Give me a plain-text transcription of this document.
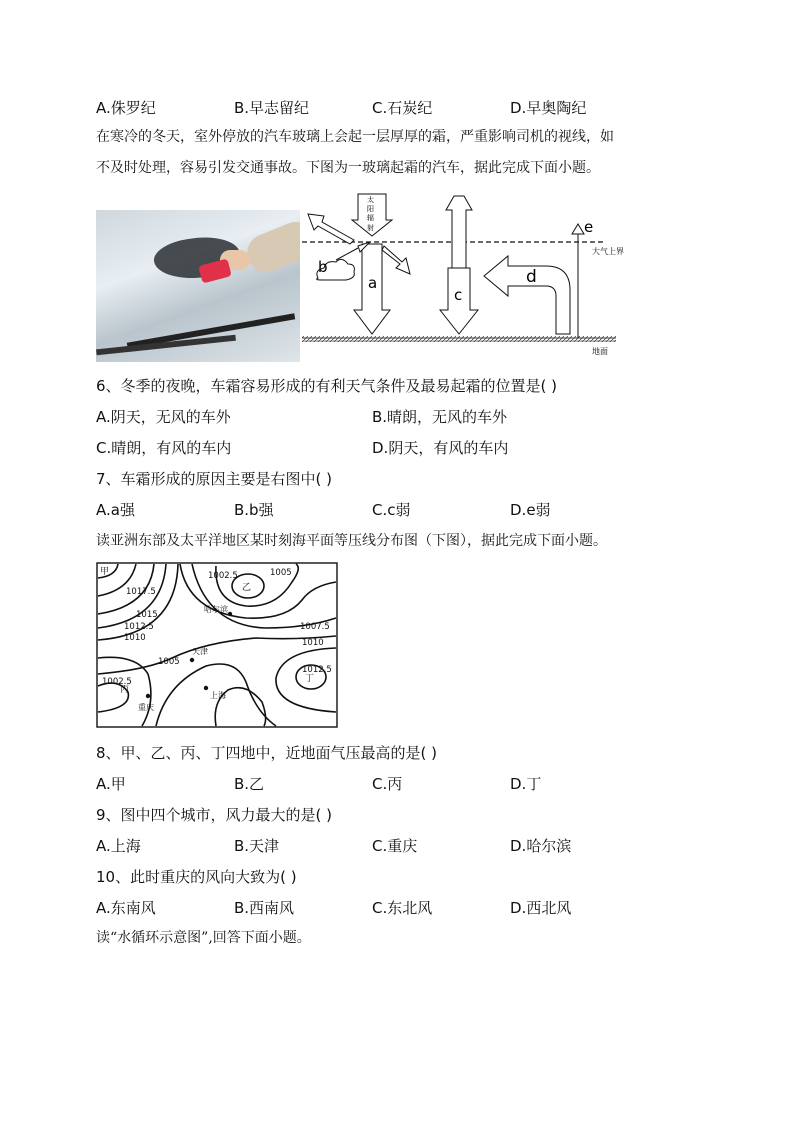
A.侏罗纪	B.早志留纪	C.石炭纪	D.早奥陶纪
在寒冷的冬天，室外停放的汽车玻璃上会起一层厚厚的霜，严重影响司机的视线，如
不及时处理，容易引发交通事故。下图为一玻璃起霜的汽车，据此完成下面小题。
大气上界
地面
太
阳
辐
射
a
b
c
d
e
6、冬季的夜晚，车霜容易形成的有利天气条件及最易起霜的位置是( )
A.阴天，无风的车外	B.晴朗，无风的车外
C.晴朗，有风的车内	D.阴天，有风的车内
7、车霜形成的原因主要是右图中( )
A.a强	B.b强	C.c弱	D.e弱
读亚洲东部及太平洋地区某时刻海平面等压线分布图（下图），据此完成下面小题。
甲
乙
丙
丁
哈尔滨
天津
上海
重庆
1002.5	1005
1017.5
1015
1012.5
1010
1007.5
1010
1005
1012.5
1002.5
8、甲、乙、丙、丁四地中，近地面气压最高的是( )
A.甲	B.乙	C.丙	D.丁
9、图中四个城市，风力最大的是( )
A.上海	B.天津	C.重庆	D.哈尔滨
10、此时重庆的风向大致为( )
A.东南风	B.西南风	C.东北风	D.西北风
读“水循环示意图”,回答下面小题。
